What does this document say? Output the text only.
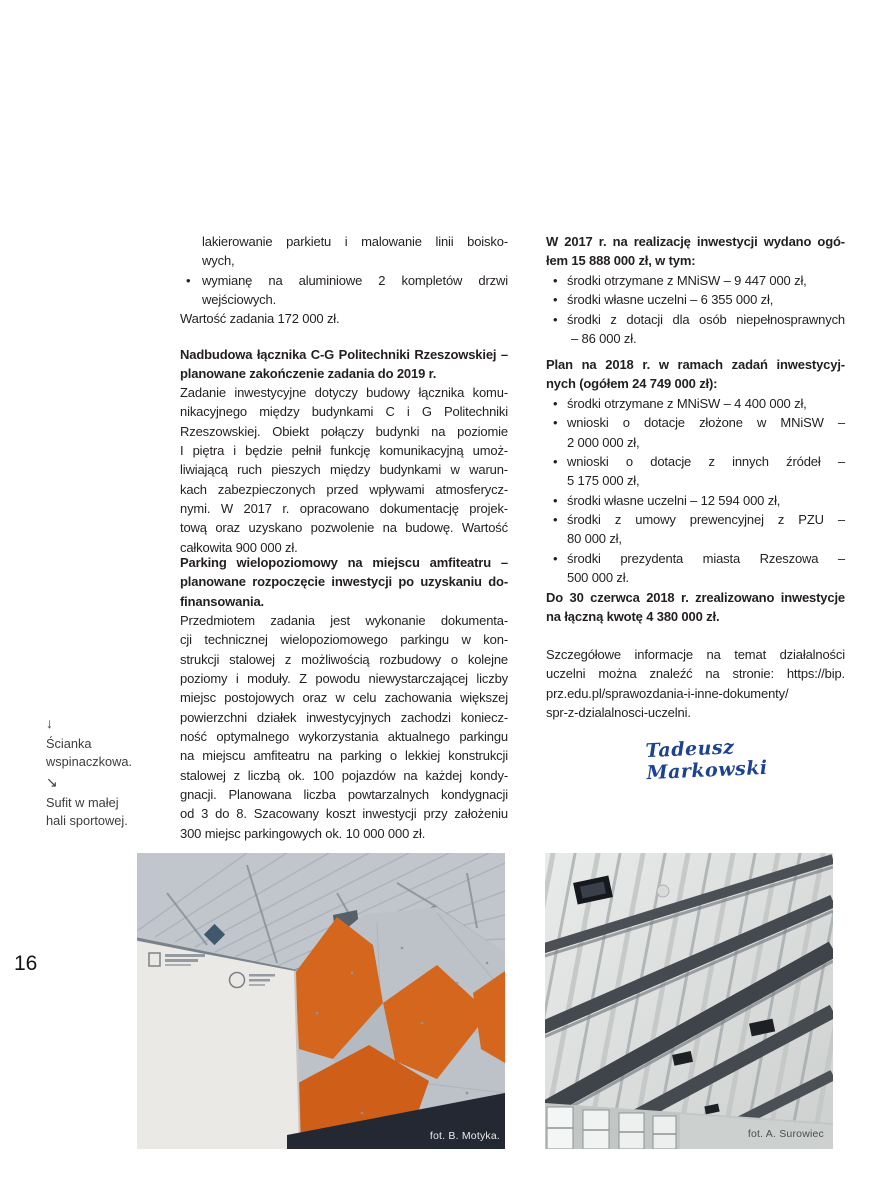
16
↓
Ścianka
wspinaczkowa.
↘
Sufit w małej
hali sportowej.
lakierowanie parkietu i malowanie linii boisko-
wych,
• wymianę na aluminiowe 2 kompletów drzwi
wejściowych.
Wartość zadania 172 000 zł.
Nadbudowa łącznika C-G Politechniki Rzeszowskiej –
planowane zakończenie zadania do 2019 r.
Zadanie inwestycyjne dotyczy budowy łącznika komu-
nikacyjnego między budynkami C i G Politechniki
Rzeszowskiej. Obiekt połączy budynki na poziomie
I piętra i będzie pełnił funkcję komunikacyjną umoż-
liwiającą ruch pieszych między budynkami w warun-
kach zabezpieczonych przed wpływami atmosferycz-
nymi. W 2017 r. opracowano dokumentację projek-
tową oraz uzyskano pozwolenie na budowę. Wartość
całkowita 900 000 zł.
Parking wielopoziomowy na miejscu amfiteatru –
planowane rozpoczęcie inwestycji po uzyskaniu do-
finansowania.
Przedmiotem zadania jest wykonanie dokumenta-
cji technicznej wielopoziomowego parkingu w kon-
strukcji stalowej z możliwością rozbudowy o kolejne
poziomy i moduły. Z powodu niewystarczającej liczby
miejsc postojowych oraz w celu zachowania większej
powierzchni działek inwestycyjnych zachodzi koniecz-
ność optymalnego wykorzystania aktualnego parkingu
na miejscu amfiteatru na parking o lekkiej konstrukcji
stalowej z liczbą ok. 100 pojazdów na każdej kondy-
gnacji. Planowana liczba powtarzalnych kondygnacji
od 3 do 8. Szacowany koszt inwestycji przy założeniu
300 miejsc parkingowych ok. 10 000 000 zł.
W 2017 r. na realizację inwestycji wydano ogó-
łem 15 888 000 zł, w tym:
• środki otrzymane z MNiSW – 9 447 000 zł,
• środki własne uczelni – 6 355 000 zł,
• środki z dotacji dla osób niepełnosprawnych
– 86 000 zł.
Plan na 2018 r. w ramach zadań inwestycyj-
nych (ogółem 24 749 000 zł):
• środki otrzymane z MNiSW – 4 400 000 zł,
• wnioski o dotacje złożone w MNiSW –
2 000 000 zł,
• wnioski o dotacje z innych źródeł –
5 175 000 zł,
• środki własne uczelni – 12 594 000 zł,
• środki z umowy prewencyjnej z PZU –
80 000 zł,
• środki prezydenta miasta Rzeszowa –
500 000 zł.
Do 30 czerwca 2018 r. zrealizowano inwestycje
na łączną kwotę 4 380 000 zł.
Szczegółowe informacje na temat działalności
uczelni można znaleźć na stronie: https://bip.
prz.edu.pl/sprawozdania-i-inne-dokumenty/
spr-z-dzialalnosci-uczelni.
Tadeusz Markowski
fot. B. Motyka.	fot. A. Surowiec
